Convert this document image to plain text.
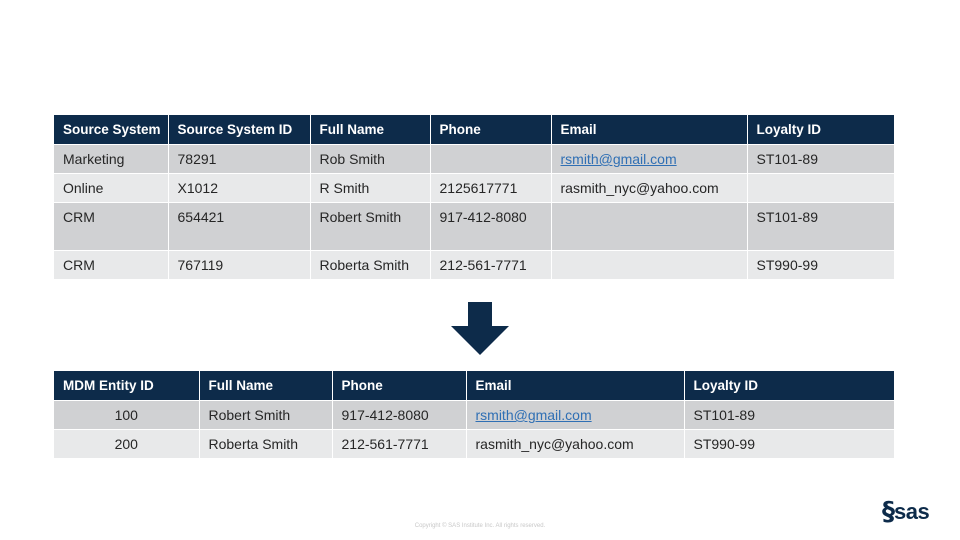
Source System	Source System ID	Full Name	Phone	Email	Loyalty ID

Marketing	78291	Rob Smith		rsmith@gmail.com	ST101-89

Online	X1012	R Smith	2125617771	rasmith_nyc@yahoo.com	

CRM	654421	Robert Smith	917-412-8080		ST101-89

CRM	767119	Roberta Smith	212-561-7771		ST990-99
MDM Entity ID	Full Name	Phone	Email	Loyalty ID

100	Robert Smith	917-412-8080	rsmith@gmail.com	ST101-89

200	Roberta Smith	212-561-7771	rasmith_nyc@yahoo.com	ST990-99
Copyright © SAS Institute Inc. All rights reserved.	§ sas
